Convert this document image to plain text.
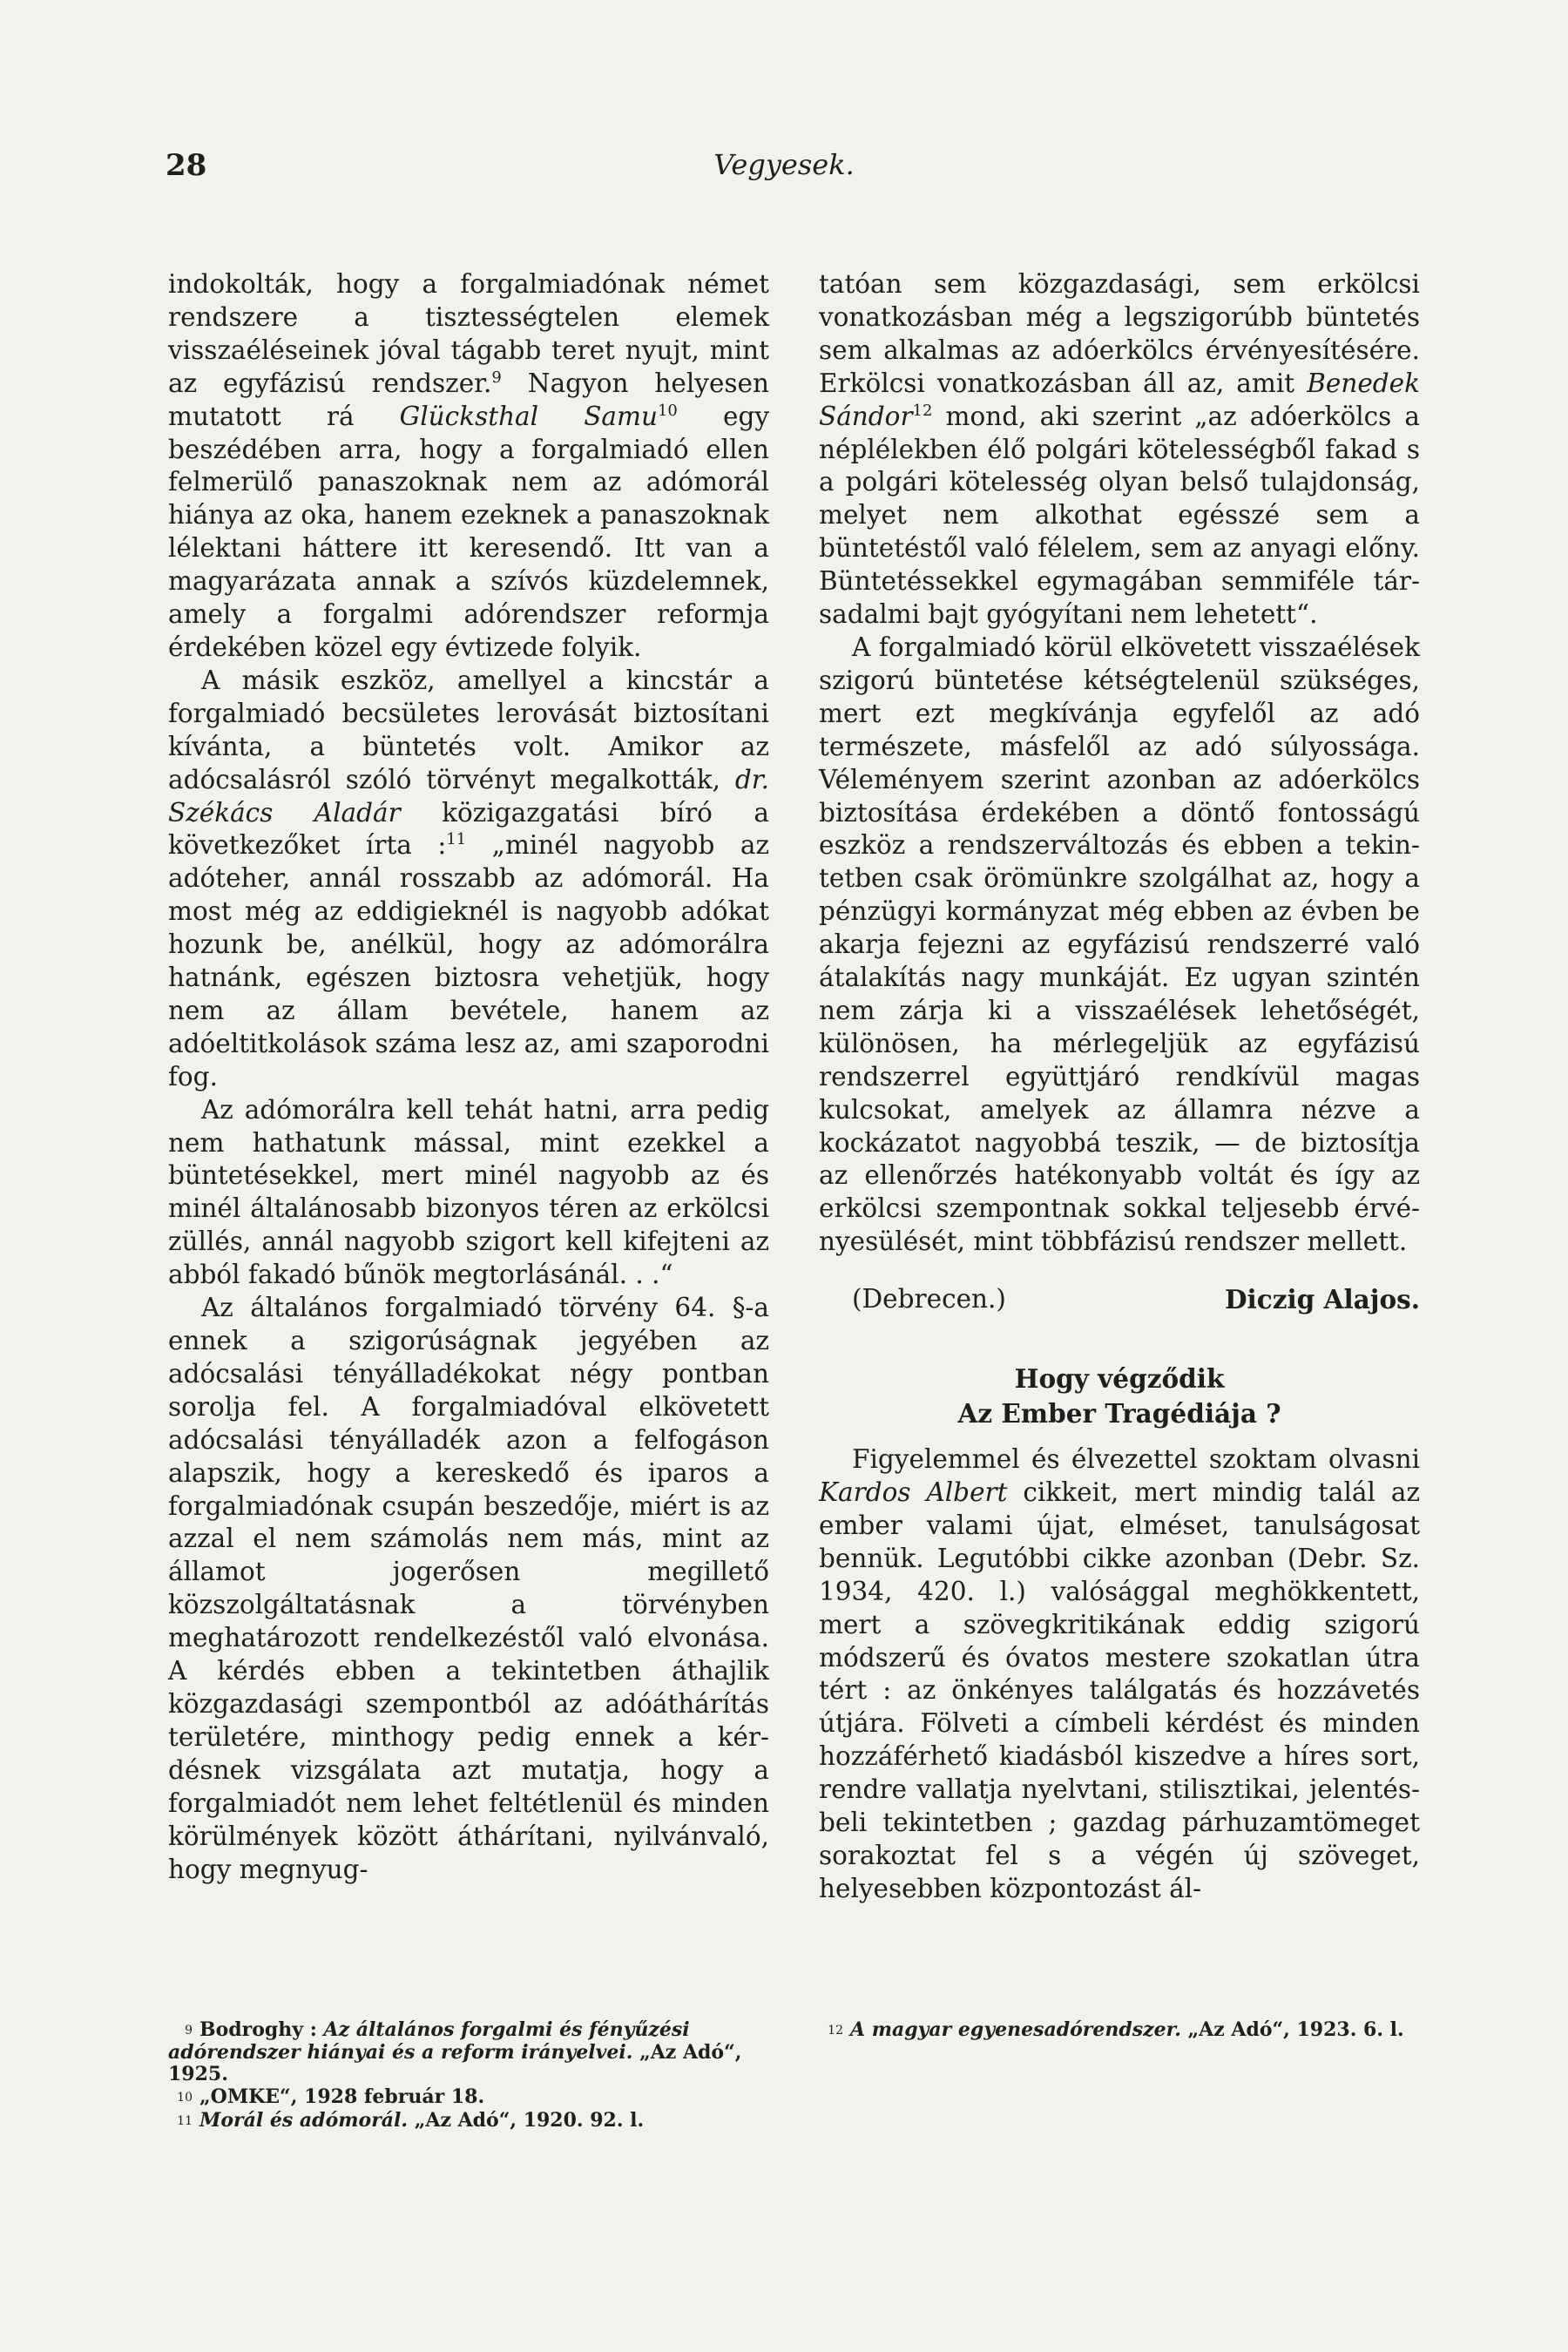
28	Vegyesek.

indokolták, hogy a forgalmiadónak német rendszere a tisztességtelen elemek visszaéléseinek jóval tágabb teret nyujt, mint az egyfázisú rendszer.$^9$ Nagyon helyesen mutatott rá Glücksthal Samu$^{10}$ egy beszédében arra, hogy a forgalmiadó ellen felmerülő panaszoknak nem az adómorál hiánya az oka, hanem ezeknek a panaszoknak lélektani háttere itt keresendő. Itt van a magyarázata annak a szívós küzdelemnek, amely a forgalmi adórendszer reformja érdekében közel egy évtizede folyik.

A másik eszköz, amellyel a kincstár a forgalmiadó becsületes lerovását biztosítani kívánta, a büntetés volt. Amikor az adócsalásról szóló törvényt megalkották, dr. Székács Aladár közigazgatási bíró a következőket írta :$^{11}$ „minél nagyobb az adóteher, annál rosszabb az adómorál. Ha most még az eddigieknél is nagyobb adókat hozunk be, anélkül, hogy az adómorálra hatnánk, egészen biztosra vehetjük, hogy nem az állam bevétele, hanem az adóeltitkolások száma lesz az, ami szaporodni fog.

Az adómorálra kell tehát hatni, arra pedig nem hathatunk mással, mint ezekkel a büntetésekkel, mert minél nagyobb az és minél általánosabb bizonyos téren az erkölcsi züllés, annál nagyobb szigort kell kifejteni az abból fakadó bűnök megtorlásánál. . .“

Az általános forgalmiadó törvény 64. §-a ennek a szigorúságnak jegyében az adócsalási tényálladékokat négy pontban sorolja fel. A forgalmiadóval elkövetett adócsalási tényálladék azon a felfogáson alapszik, hogy a kereskedő és iparos a forgalmiadónak csupán beszedője, miért is az azzal el nem számolás nem más, mint az államot jogerősen megillető közszolgáltatásnak a törvényben meghatározott rendelkezéstől való elvonása. A kérdés ebben a tekintetben áthajlik közgazdasági szempontból az adóáthárítás területére, minthogy pedig ennek a kérdésnek vizsgálata azt mutatja, hogy a forgalmiadót nem lehet feltétlenül és minden körülmények között áthárítani, nyilvánvaló, hogy megnyug-

tatóan sem közgazdasági, sem erkölcsi vonatkozásban még a legszigorúbb büntetés sem alkalmas az adóerkölcs érvényesítésére. Erkölcsi vonatkozásban áll az, amit Benedek Sándor$^{12}$ mond, aki szerint „az adóerkölcs a néplélekben élő polgári kötelességből fakad s a polgári kötelesség olyan belső tulajdonság, melyet nem alkothat egésszé sem a büntetéstől való félelem, sem az anyagi előny. Büntetéssekkel egymagában semmiféle társadalmi bajt gyógyítani nem lehetett“.

A forgalmiadó körül elkövetett visszaélések szigorú büntetése kétségtelenül szükséges, mert ezt megkívánja egyfelől az adó természete, másfelől az adó súlyossága. Véleményem szerint azonban az adóerkölcs biztosítása érdekében a döntő fontosságú eszköz a rendszerváltozás és ebben a tekintetben csak örömünkre szolgálhat az, hogy a pénzügyi kormányzat még ebben az évben be akarja fejezni az egyfázisú rendszerré való átalakítás nagy munkáját. Ez ugyan szintén nem zárja ki a visszaélések lehetőségét, különösen, ha mérlegeljük az egyfázisú rendszerrel együttjáró rendkívül magas kulcsokat, amelyek az államra nézve a kockázatot nagyobbá teszik, — de biztosítja az ellenőrzés hatékonyabb voltát és így az erkölcsi szempontnak sokkal teljesebb érvényesülését, mint többfázisú rendszer mellett.

(Debrecen.)	Diczig Alajos.
Hogy végződik
Az Ember Tragédiája ?

Figyelemmel és élvezettel szoktam olvasni Kardos Albert cikkeit, mert mindig talál az ember valami újat, elméset, tanulságosat bennük. Legutóbbi cikke azonban (Debr. Sz. 1934, 420. l.) valósággal meghökkentett, mert a szövegkritikának eddig szigorú módszerű és óvatos mestere szokatlan útra tért : az önkényes találgatás és hozzávetés útjára. Fölveti a címbeli kérdést és minden hozzáférhető kiadásból kiszedve a híres sort, rendre vallatja nyelvtani, stilisztikai, jelentésbeli tekintetben ; gazdag párhuzamtömeget sorakoztat fel s a végén új szöveget, helyesebben központozást ál-

9 Bodroghy : Az általános forgalmi és fényűzési adórendszer hiányai és a reform irányelvei. „Az Adó“, 1925.
10 „OMKE“, 1928 február 18.
11 Morál és adómorál. „Az Adó“, 1920. 92. l.
12 A magyar egyenesadórendszer. „Az Adó“, 1923. 6. l.
